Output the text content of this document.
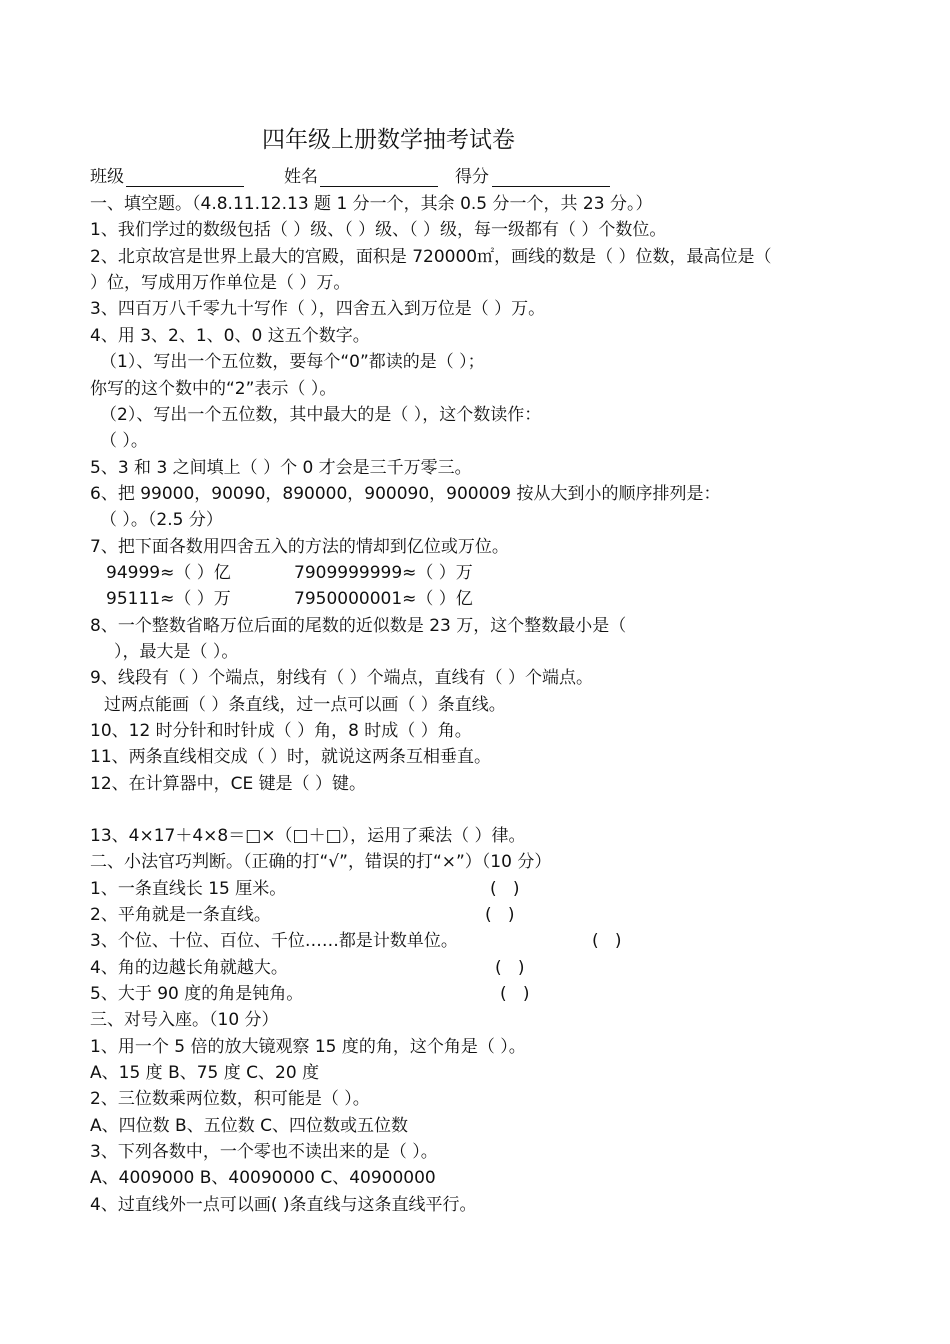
四年级上册数学抽考试卷
班级	姓名	得分
一、填空题。（4.8.11.12.13 题 1 分一个，其余 0.5 分一个，共 23 分。）
1、我们学过的数级包括（ ）级、（ ）级、（ ）级，每一级都有（ ）个数位。
2、北京故宫是世界上最大的宫殿，面积是 720000㎡，画线的数是（ ）位数，最高位是（
）位，写成用万作单位是（ ）万。
3、四百万八千零九十写作（ ），四舍五入到万位是（ ）万。
4、用 3、2、1、0、0 这五个数字。
（1）、写出一个五位数，要每个“0”都读的是（ ）；
你写的这个数中的“2”表示（ ）。
（2）、写出一个五位数，其中最大的是（ ），这个数读作：
（ ）。
5、3 和 3 之间填上（ ）个 0 才会是三千万零三。
6、把 99000，90090，890000，900090，900009 按从大到小的顺序排列是：
（ ）。（2.5 分）
7、把下面各数用四舍五入的方法的情却到亿位或万位。
94999≈（ ）亿	7909999999≈（ ）万
95111≈（ ）万	7950000001≈（ ）亿
8、一个整数省略万位后面的尾数的近似数是 23 万，这个整数最小是（
），最大是（ ）。
9、线段有（ ）个端点，射线有（ ）个端点，直线有（ ）个端点。
过两点能画（ ）条直线，过一点可以画（ ）条直线。
10、12 时分针和时针成（ ）角，8 时成（ ）角。
11、两条直线相交成（ ）时，就说这两条互相垂直。
12、在计算器中，CE 键是（ ）键。
13、4×17＋4×8＝□×（□＋□），运用了乘法（ ）律。
二、小法官巧判断。（正确的打“√”，错误的打“×”）（10 分）
1、一条直线长 15 厘米。	(   )
2、平角就是一条直线。	(   )
3、个位、十位、百位、千位……都是计数单位。	(   )
4、角的边越长角就越大。	(   )
5、大于 90 度的角是钝角。	(   )
三、对号入座。（10 分）
1、用一个 5 倍的放大镜观察 15 度的角，这个角是（ ）。
A、15 度 B、75 度 C、20 度
2、三位数乘两位数，积可能是（ ）。
A、四位数 B、五位数 C、四位数或五位数
3、下列各数中，一个零也不读出来的是（ ）。
A、4009000 B、40090000 C、40900000
4、过直线外一点可以画( )条直线与这条直线平行。
